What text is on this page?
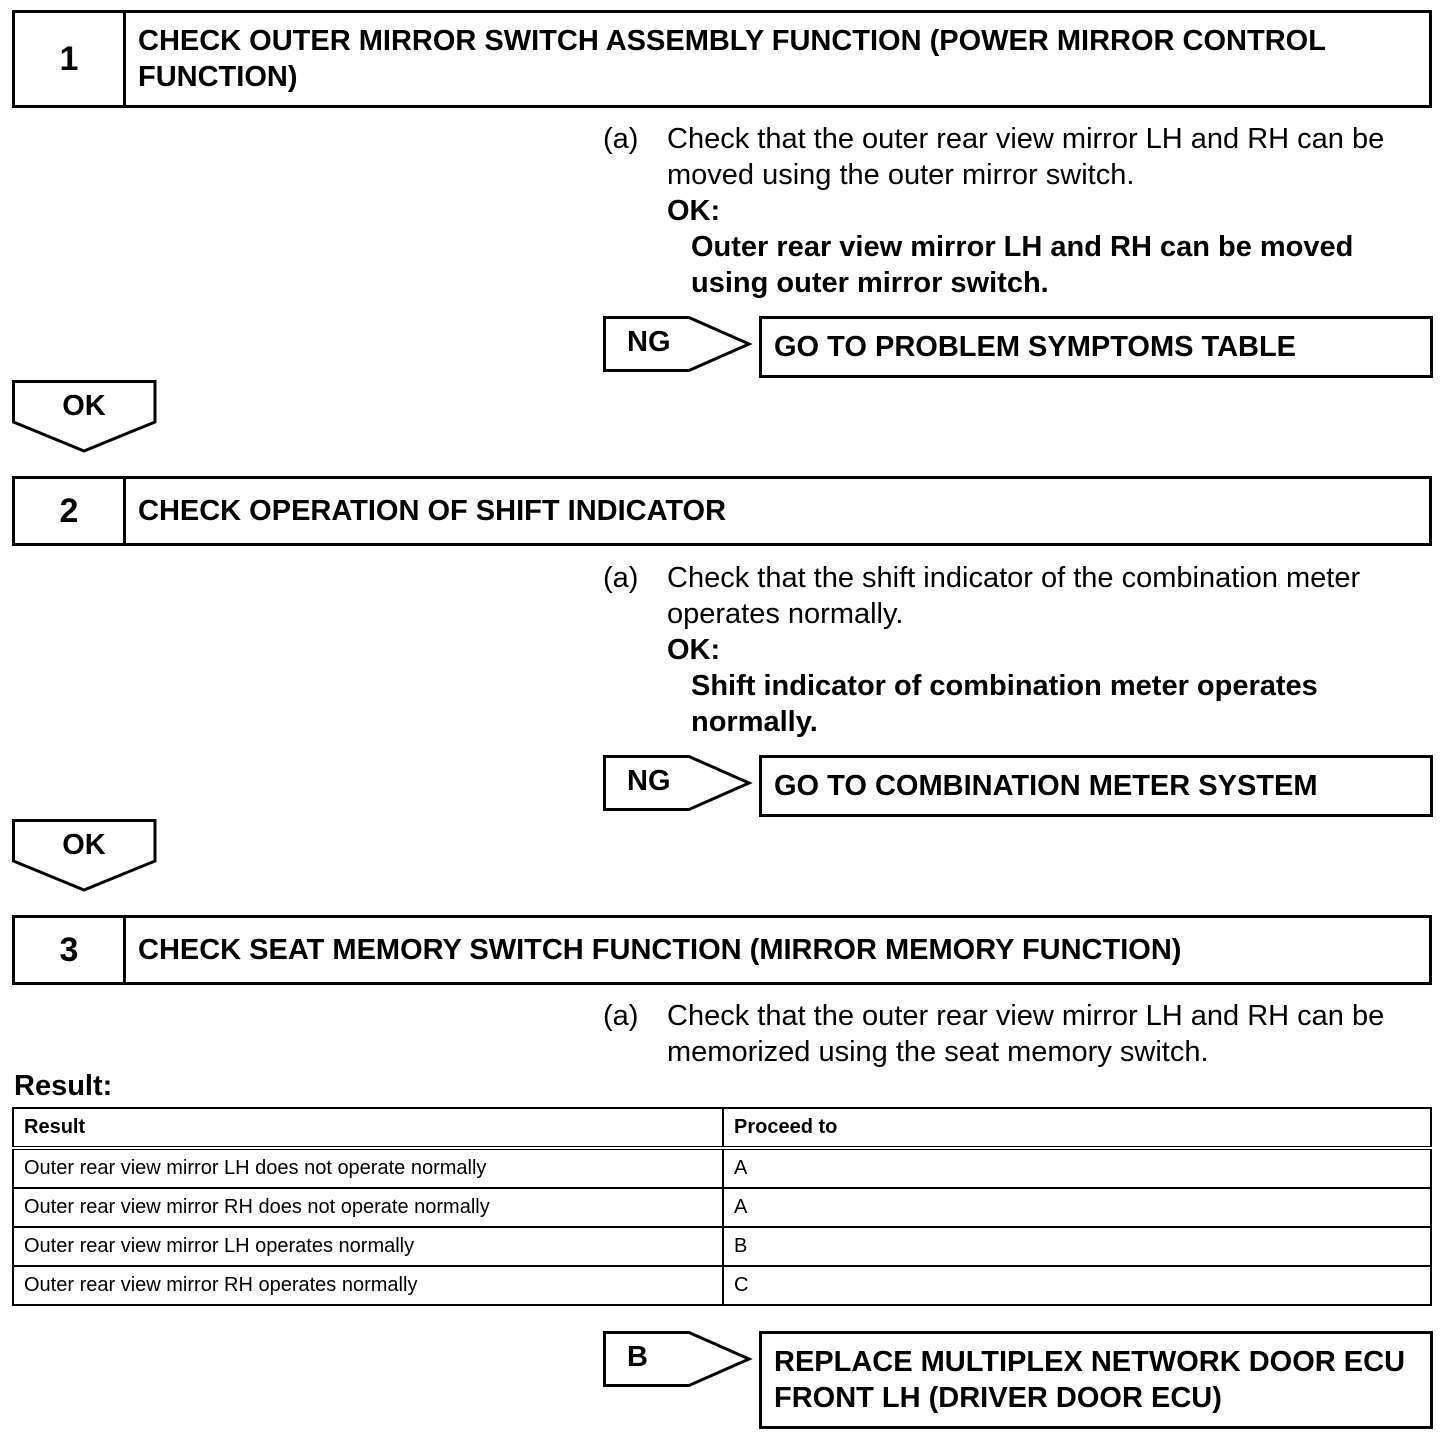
1	CHECK OUTER MIRROR SWITCH ASSEMBLY FUNCTION (POWER MIRROR CONTROL FUNCTION)
(a) Check that the outer rear view mirror LH and RH can be moved using the outer mirror switch.
OK:
Outer rear view mirror LH and RH can be moved using outer mirror switch.
NG	GO TO PROBLEM SYMPTOMS TABLE
OK
2	CHECK OPERATION OF SHIFT INDICATOR
(a) Check that the shift indicator of the combination meter operates normally.
OK:
Shift indicator of combination meter operates normally.
NG	GO TO COMBINATION METER SYSTEM
OK
3	CHECK SEAT MEMORY SWITCH FUNCTION (MIRROR MEMORY FUNCTION)
(a) Check that the outer rear view mirror LH and RH can be memorized using the seat memory switch.
Result:
Result	Proceed to
Outer rear view mirror LH does not operate normally	A
Outer rear view mirror RH does not operate normally	A
Outer rear view mirror LH operates normally	B
Outer rear view mirror RH operates normally	C
B	REPLACE MULTIPLEX NETWORK DOOR ECU FRONT LH (DRIVER DOOR ECU)
